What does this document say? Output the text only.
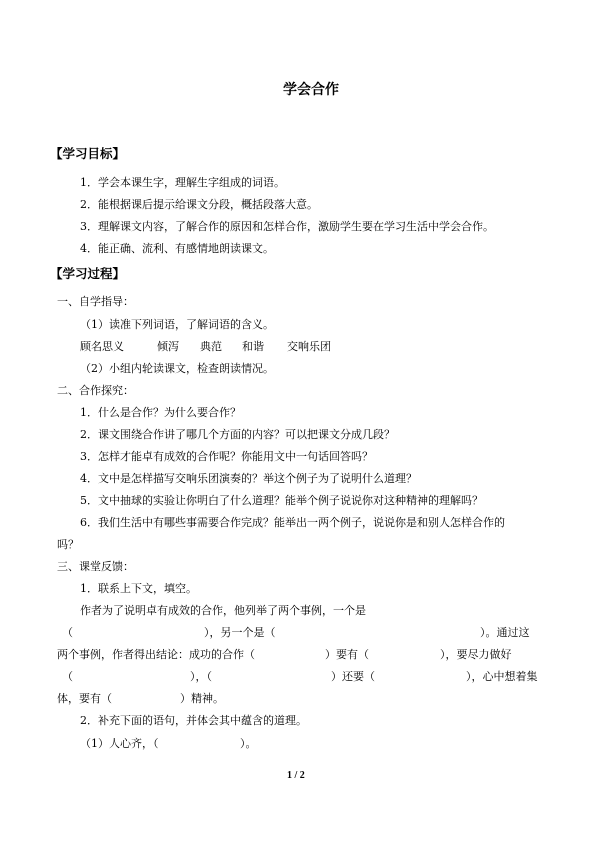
学会合作
【学习目标】
1．学会本课生字，理解生字组成的词语。
2．能根据课后提示给课文分段，概括段落大意。
3．理解课文内容，了解合作的原因和怎样合作，激励学生要在学习生活中学会合作。
4．能正确、流利、有感情地朗读课文。
【学习过程】
一、自学指导：
（1）读准下列词语，了解词语的含义。
顾名思义	倾泻 典范 和谐 交响乐团
（2）小组内轮读课文，检查朗读情况。
二、合作探究：
1．什么是合作？为什么要合作？
2．课文围绕合作讲了哪几个方面的内容？可以把课文分成几段？
3．怎样才能卓有成效的合作呢？你能用文中一句话回答吗？
4．文中是怎样描写交响乐团演奏的？举这个例子为了说明什么道理？
5．文中抽球的实验让你明白了什么道理？能举个例子说说你对这种精神的理解吗？
6．我们生活中有哪些事需要合作完成？能举出一两个例子，说说你是和别人怎样合作的
吗？
三、课堂反馈：
1．联系上下文，填空。
作者为了说明卓有成效的合作，他列举了两个事例，一个是
（	），另一个是（	）。通过这
两个事例，作者得出结论：成功的合作（	）要有（	），要尽力做好
（	），（	）还要（	），心中想着集
体，要有（	）精神。
2．补充下面的语句，并体会其中蕴含的道理。
（1）人心齐，（	）。
1 / 2
